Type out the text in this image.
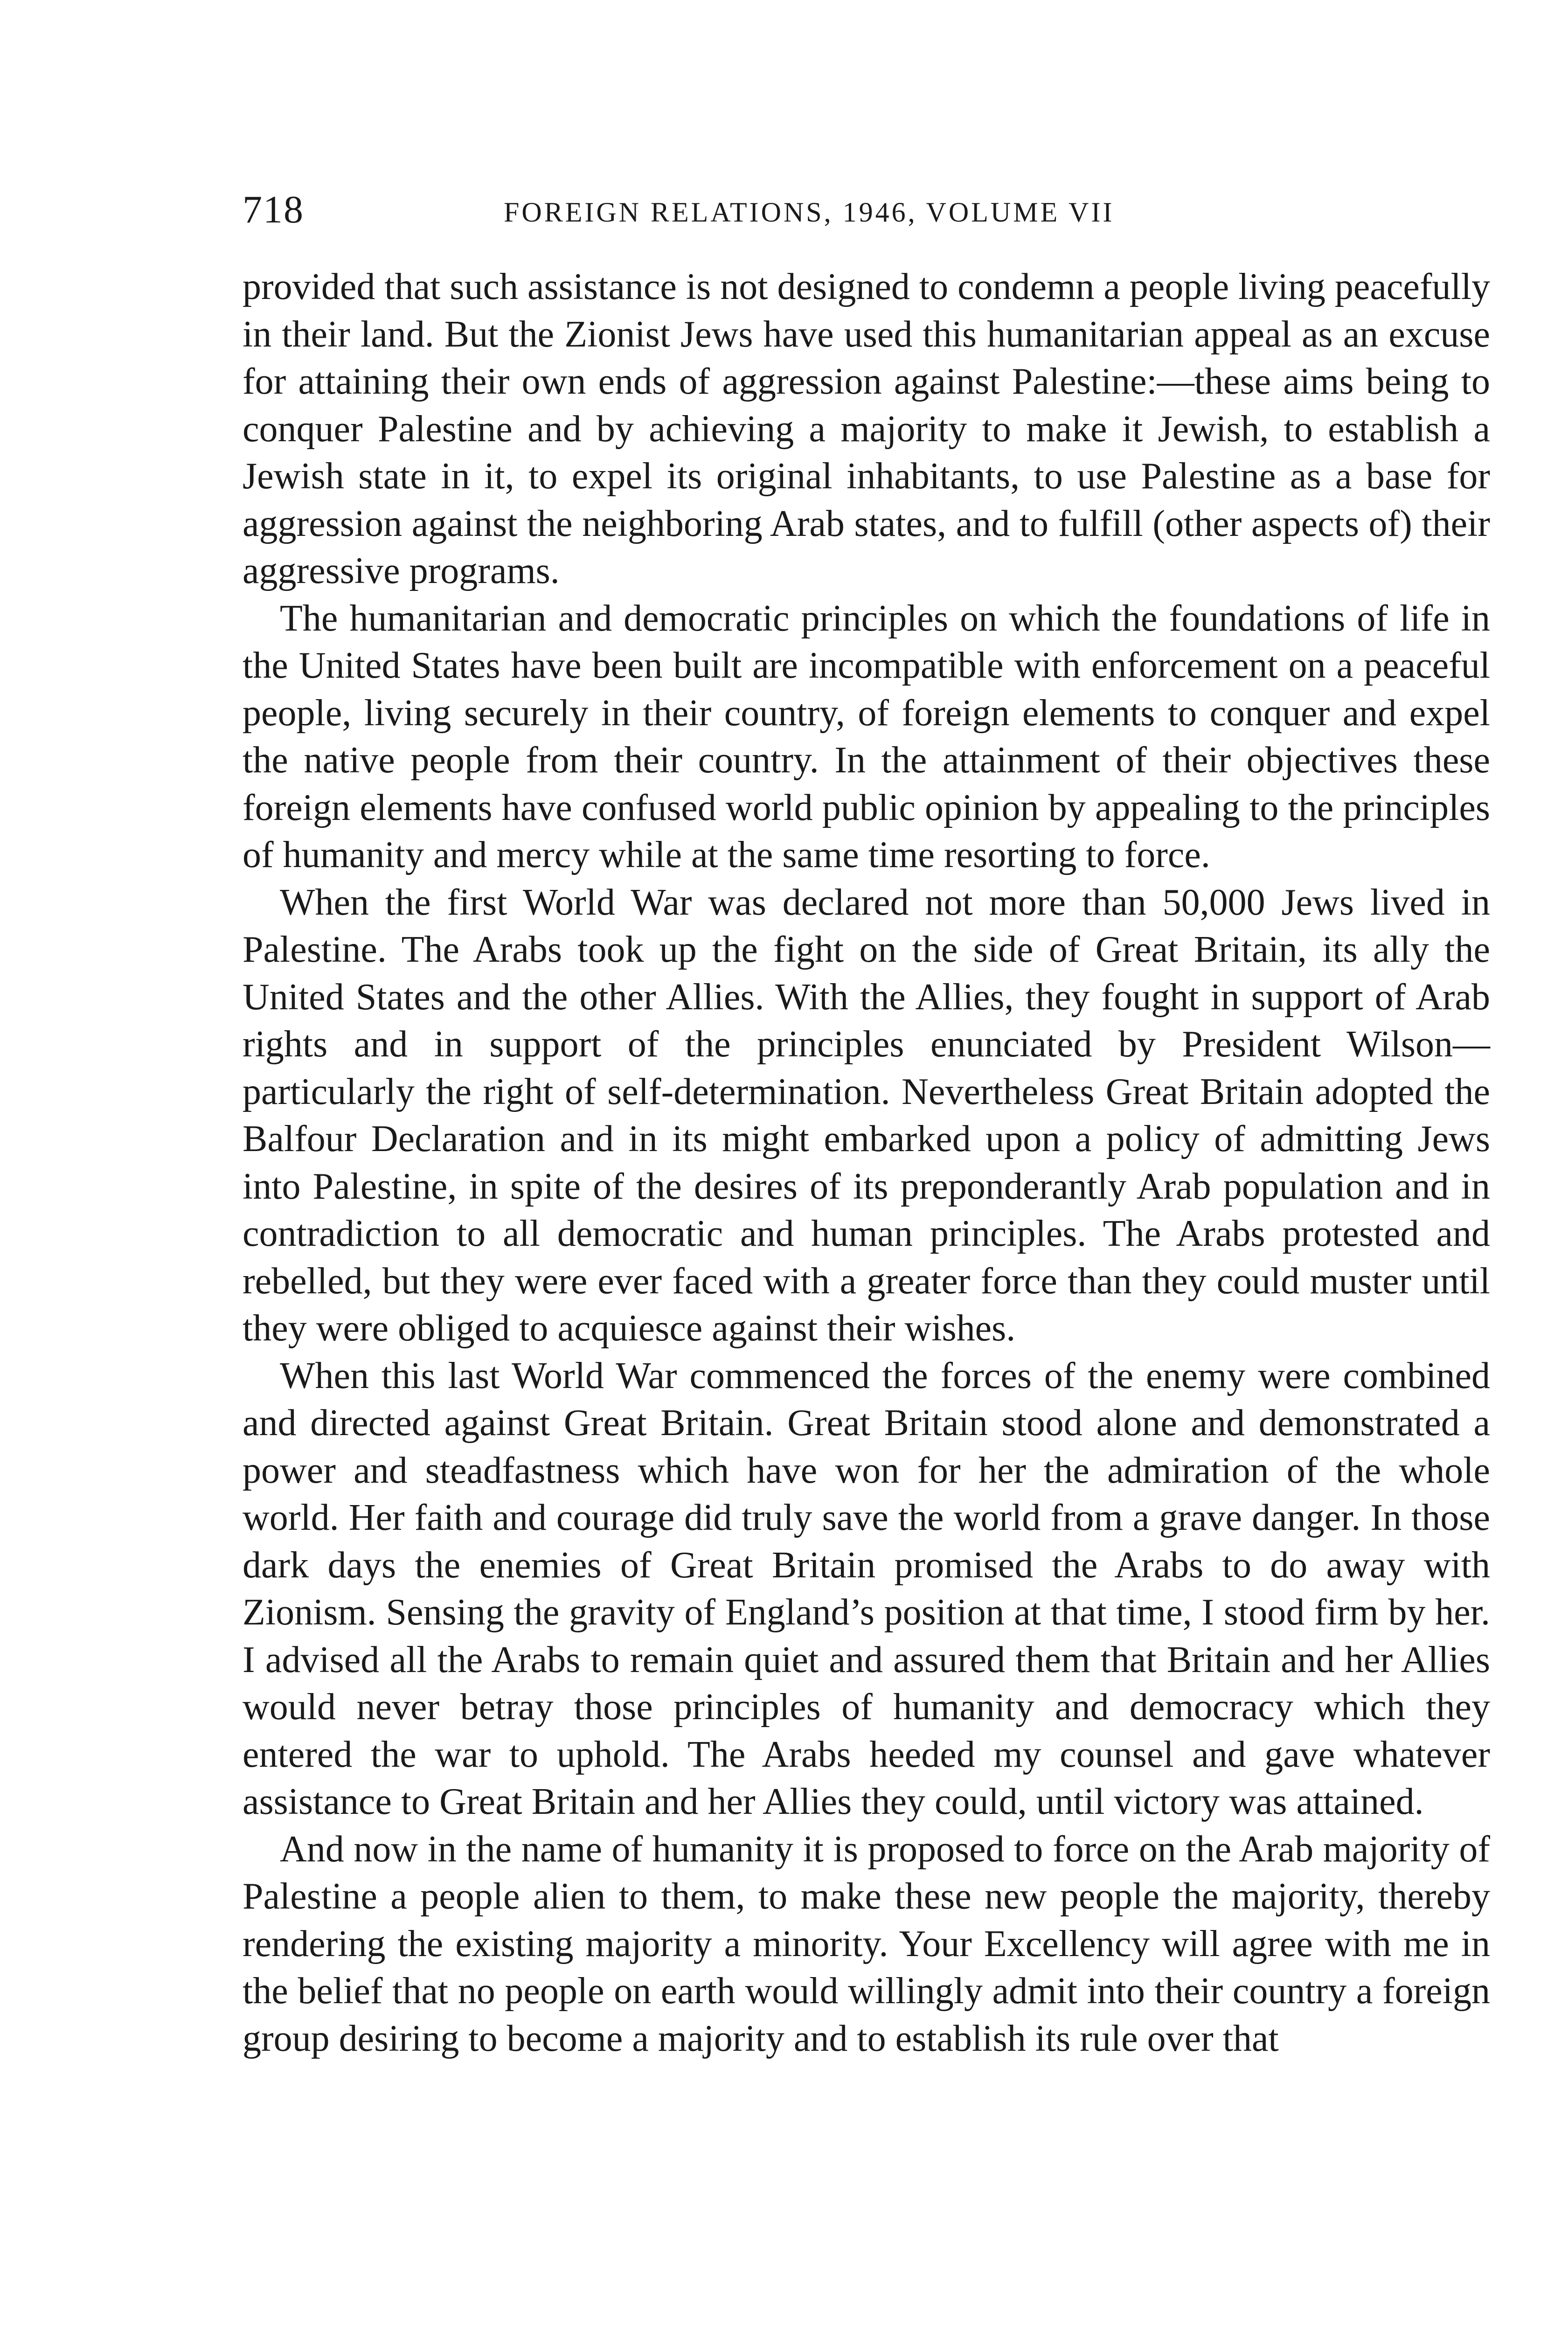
718	FOREIGN RELATIONS, 1946, VOLUME VII

provided that such assistance is not designed to condemn a people living peacefully in their land. But the Zionist Jews have used this humanitarian appeal as an excuse for attaining their own ends of aggression against Palestine:—these aims being to conquer Palestine and by achieving a majority to make it Jewish, to establish a Jewish state in it, to expel its original inhabitants, to use Palestine as a base for aggression against the neighboring Arab states, and to fulfill (other aspects of) their aggressive programs.

The humanitarian and democratic principles on which the foundations of life in the United States have been built are incompatible with enforcement on a peaceful people, living securely in their country, of foreign elements to conquer and expel the native people from their country. In the attainment of their objectives these foreign elements have confused world public opinion by appealing to the principles of humanity and mercy while at the same time resorting to force.

When the first World War was declared not more than 50,000 Jews lived in Palestine. The Arabs took up the fight on the side of Great Britain, its ally the United States and the other Allies. With the Allies, they fought in support of Arab rights and in support of the principles enunciated by President Wilson—particularly the right of self-determination. Nevertheless Great Britain adopted the Balfour Declaration and in its might embarked upon a policy of admitting Jews into Palestine, in spite of the desires of its preponderantly Arab population and in contradiction to all democratic and human principles. The Arabs protested and rebelled, but they were ever faced with a greater force than they could muster until they were obliged to acquiesce against their wishes.

When this last World War commenced the forces of the enemy were combined and directed against Great Britain. Great Britain stood alone and demonstrated a power and steadfastness which have won for her the admiration of the whole world. Her faith and courage did truly save the world from a grave danger. In those dark days the enemies of Great Britain promised the Arabs to do away with Zionism. Sensing the gravity of England’s position at that time, I stood firm by her. I advised all the Arabs to remain quiet and assured them that Britain and her Allies would never betray those principles of humanity and democracy which they entered the war to uphold. The Arabs heeded my counsel and gave whatever assistance to Great Britain and her Allies they could, until victory was attained.

And now in the name of humanity it is proposed to force on the Arab majority of Palestine a people alien to them, to make these new people the majority, thereby rendering the existing majority a minority. Your Excellency will agree with me in the belief that no people on earth would willingly admit into their country a foreign group desiring to become a majority and to establish its rule over that
